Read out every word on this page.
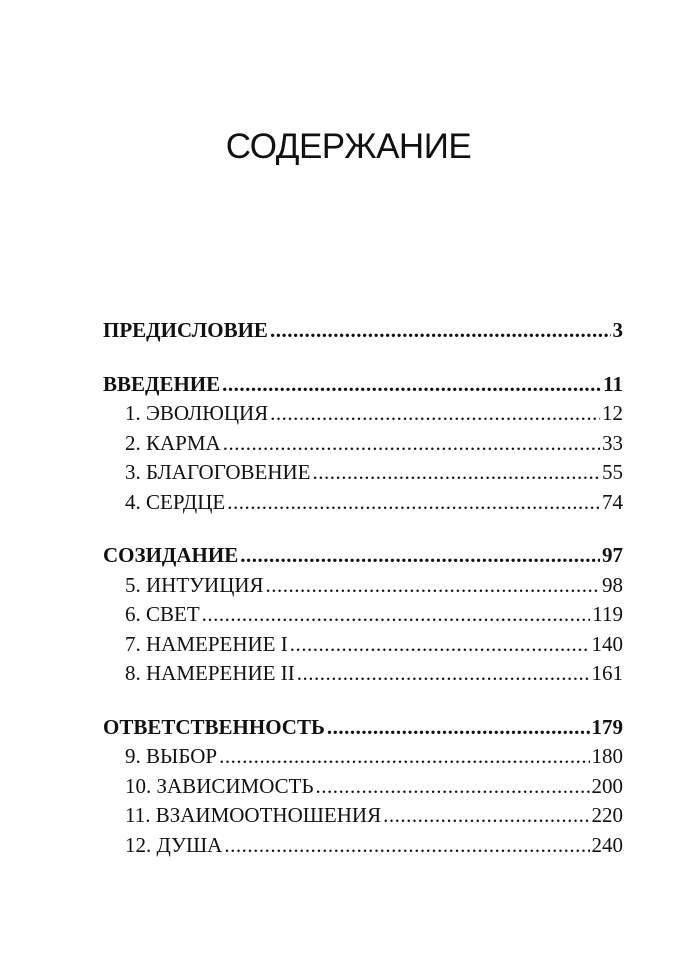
СОДЕРЖАНИЕ
ПРЕДИСЛОВИЕ .....	3
ВВЕДЕНИЕ .....	11
1. ЭВОЛЮЦИЯ .....	12
2. КАРМА .....	33
3. БЛАГОГОВЕНИЕ .....	55
4. СЕРДЦЕ .....	74
СОЗИДАНИЕ .....	97
5. ИНТУИЦИЯ .....	98
6. СВЕТ .....	119
7. НАМЕРЕНИЕ I .....	140
8. НАМЕРЕНИЕ II .....	161
ОТВЕТСТВЕННОСТЬ .....	179
9. ВЫБОР .....	180
10. ЗАВИСИМОСТЬ .....	200
11. ВЗАИМООТНОШЕНИЯ .....	220
12. ДУША .....	240
